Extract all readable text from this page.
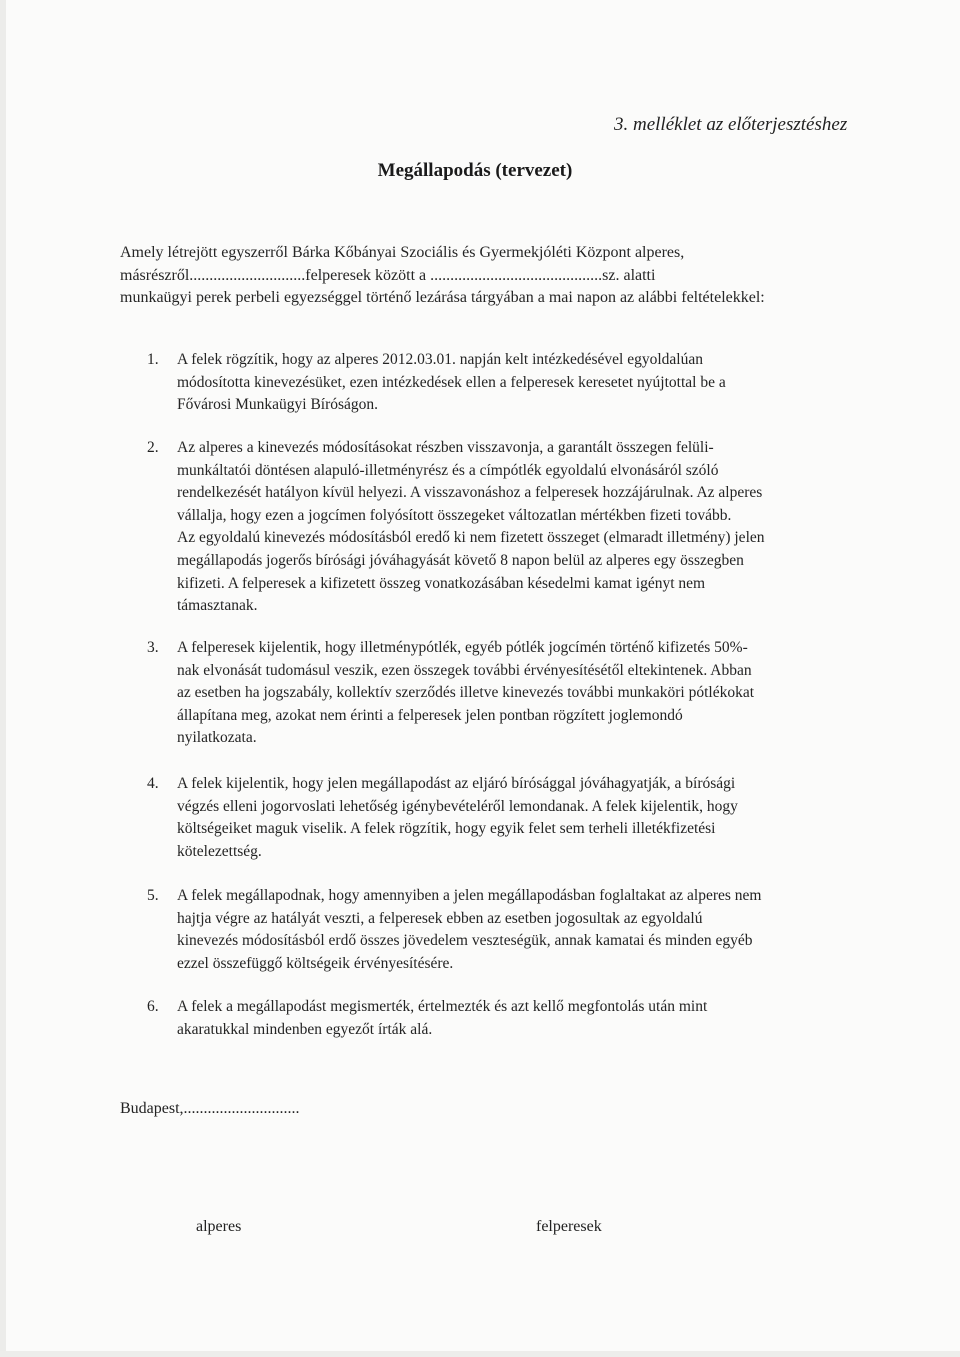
3. melléklet az előterjesztéshez
Megállapodás (tervezet)
Amely létrejött egyszerről Bárka Kőbányai Szociális és Gyermekjóléti Központ alperes,
másrészről.............................felperesek között a ...........................................sz. alatti
munkaügyi perek perbeli egyezséggel történő lezárása tárgyában a mai napon az alábbi feltételekkel:
1.	A felek rögzítik, hogy az alperes 2012.03.01. napján kelt intézkedésével egyoldalúan
módosította kinevezésüket, ezen intézkedések ellen a felperesek keresetet nyújtottal be a
Fővárosi Munkaügyi Bíróságon.
2.	Az alperes a kinevezés módosításokat részben visszavonja, a garantált összegen felüli-
munkáltatói döntésen alapuló-illetményrész és a címpótlék egyoldalú elvonásáról szóló
rendelkezését hatályon kívül helyezi. A visszavonáshoz a felperesek hozzájárulnak. Az alperes
vállalja, hogy ezen a jogcímen folyósított összegeket változatlan mértékben fizeti tovább.
Az egyoldalú kinevezés módosításból eredő ki nem fizetett összeget (elmaradt illetmény) jelen
megállapodás jogerős bírósági jóváhagyását követő 8 napon belül az alperes egy összegben
kifizeti. A felperesek a kifizetett összeg vonatkozásában késedelmi kamat igényt nem
támasztanak.
3.	A felperesek kijelentik, hogy illetménypótlék, egyéb pótlék jogcímén történő kifizetés 50%-
nak elvonását tudomásul veszik, ezen összegek további érvényesítésétől eltekintenek. Abban
az esetben ha jogszabály, kollektív szerződés illetve kinevezés további munkaköri pótlékokat
állapítana meg, azokat nem érinti a felperesek jelen pontban rögzített joglemondó
nyilatkozata.
4.	A felek kijelentik, hogy jelen megállapodást az eljáró bírósággal jóváhagyatják, a bírósági
végzés elleni jogorvoslati lehetőség igénybevételéről lemondanak. A felek kijelentik, hogy
költségeiket maguk viselik. A felek rögzítik, hogy egyik felet sem terheli illetékfizetési
kötelezettség.
5.	A felek megállapodnak, hogy amennyiben a jelen megállapodásban foglaltakat az alperes nem
hajtja végre az hatályát veszti, a felperesek ebben az esetben jogosultak az egyoldalú
kinevezés módosításból erdő összes jövedelem veszteségük, annak kamatai és minden egyéb
ezzel összefüggő költségeik érvényesítésére.
6.	A felek a megállapodást megismerték, értelmezték és azt kellő megfontolás után mint
akaratukkal mindenben egyezőt írták alá.
Budapest,.............................
alperes	felperesek
